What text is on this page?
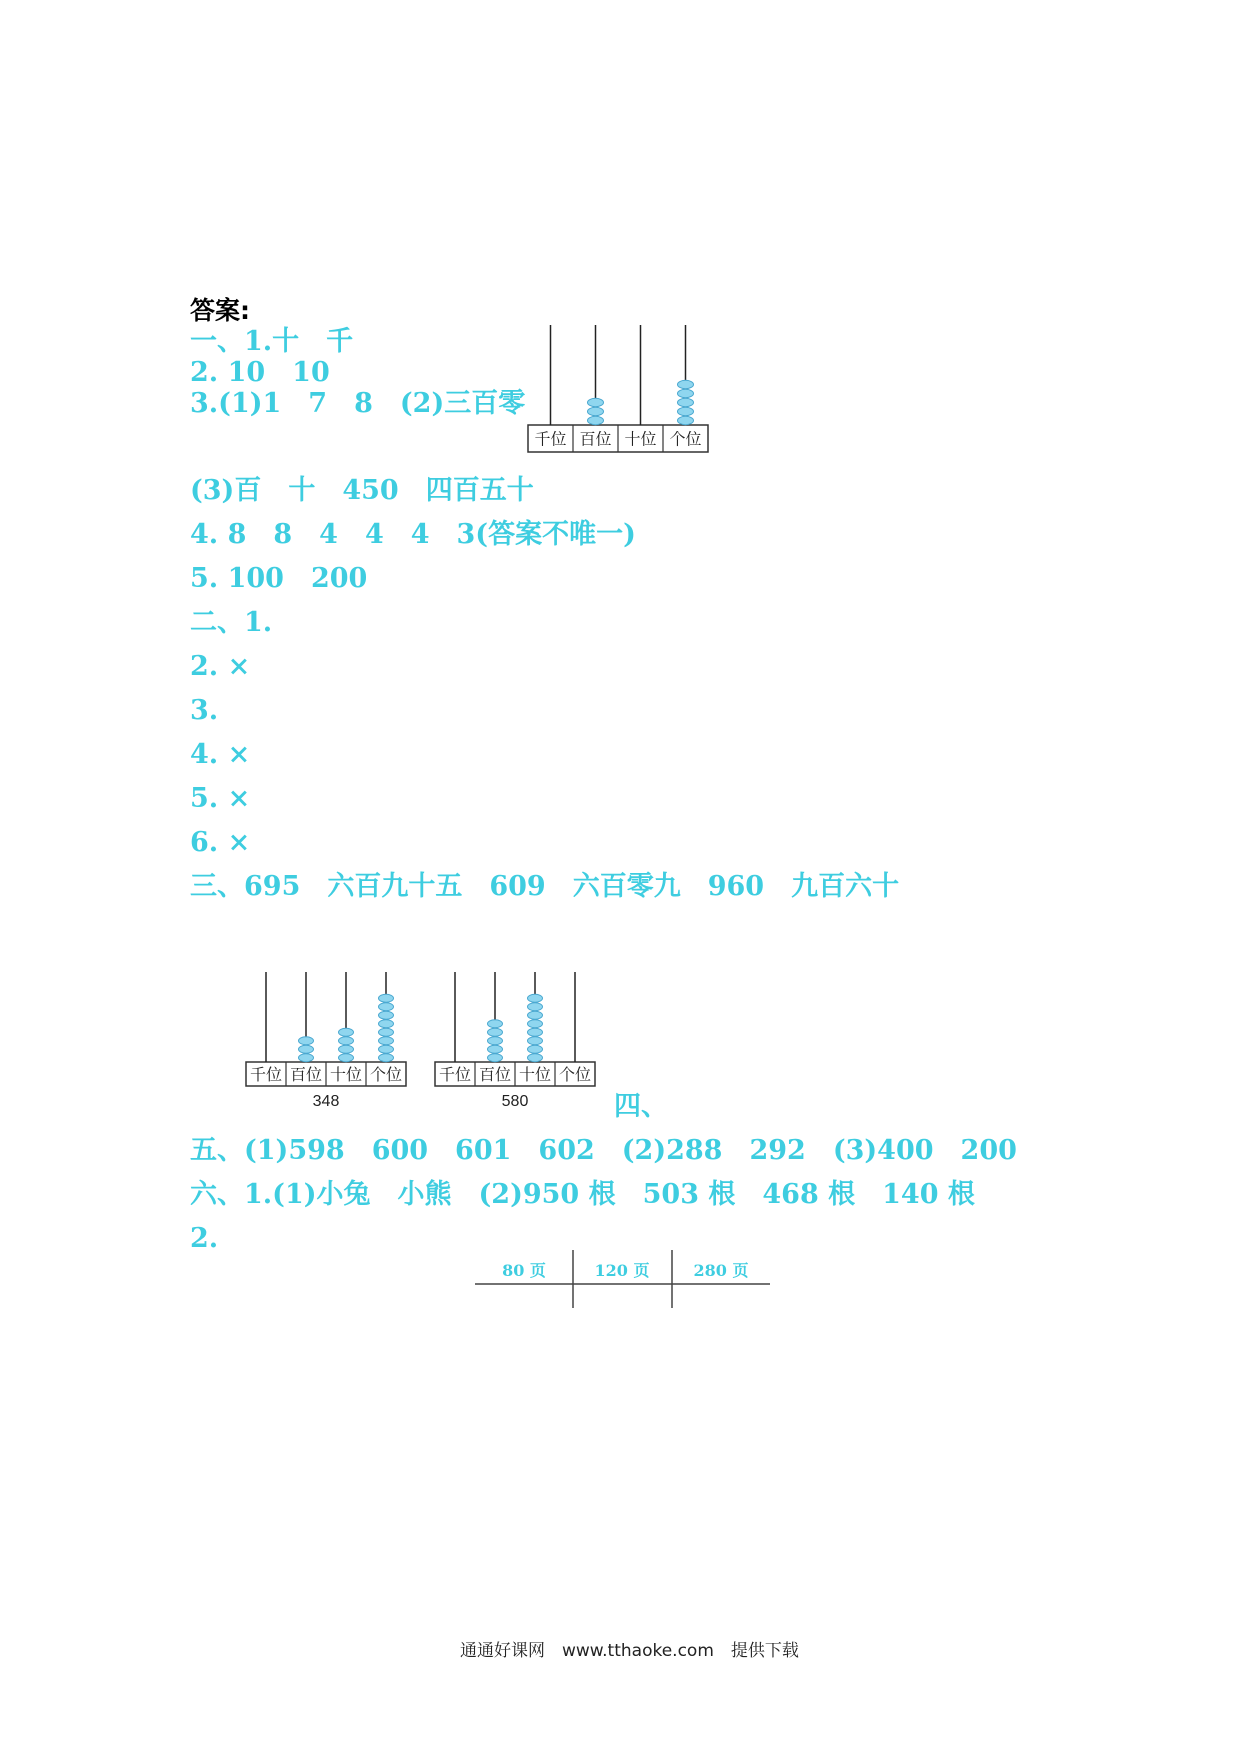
答案:
一、1.十　千
2. 10　10
3.(1)1　7　8　(2)三百零
千位 百位 十位 个位
(3)百　十　450　四百五十
4. 8　8　4　4　4　3(答案不唯一)
5. 100　200
二、1.
2. ×
3.
4. ×
5. ×
6. ×
三、695　六百九十五　609　六百零九　960　九百六十
千位 百位 十位 个位
348
千位 百位 十位 个位
580	四、
五、(1)598　600　601　602　(2)288　292　(3)400　200
六、1.(1)小兔　小熊　(2)950 根　503 根　468 根　140 根
2.
80 页	120 页	280 页
通通好课网　www.tthaoke.com　提供下载
